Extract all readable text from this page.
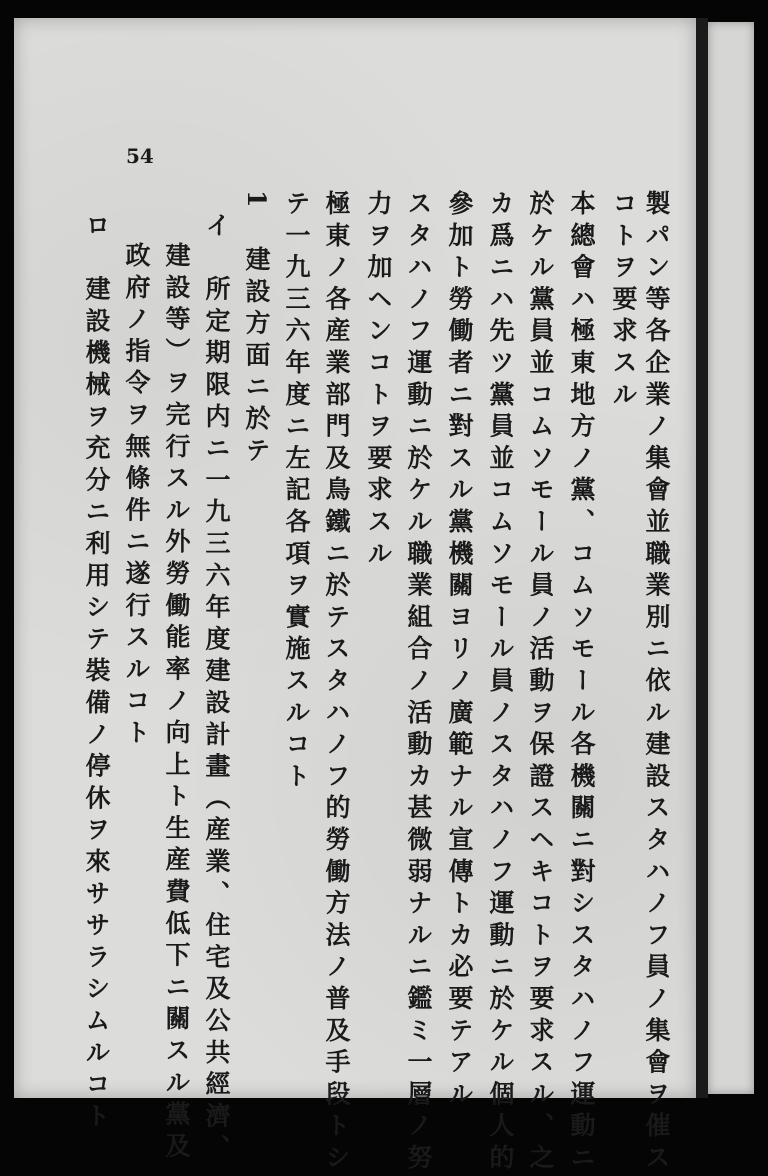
54

製パン等各企業ノ集會並職業別ニ依ル建設スタハノフ員ノ集會ヲ催ス

コトヲ要求スル

本總會ハ極東地方ノ黨、コムソモール各機關ニ對シスタハノフ運動ニ

於ケル黨員並コムソモール員ノ活動ヲ保證スヘキコトヲ要求スル、之

カ爲ニハ先ツ黨員並コムソモール員ノスタハノフ運動ニ於ケル個人的

參加ト勞働者ニ對スル黨機關ヨリノ廣範ナル宣傳トカ必要テアル

スタハノフ運動ニ於ケル職業組合ノ活動カ甚微弱ナルニ鑑ミ一層ノ努

力ヲ加ヘンコトヲ要求スル

極東ノ各産業部門及鳥鐵ニ於テスタハノフ的勞働方法ノ普及手段トシ

テ一九三六年度ニ左記各項ヲ實施スルコト

1　建設方面ニ於テ

イ　所定期限内ニ一九三六年度建設計畫（産業、住宅及公共經濟、

建設等）ヲ完行スル外勞働能率ノ向上ト生産費低下ニ關スル黨及

政府ノ指令ヲ無條件ニ遂行スルコト

ロ　建設機械ヲ充分ニ利用シテ裝備ノ停休ヲ來ササラシムルコト
